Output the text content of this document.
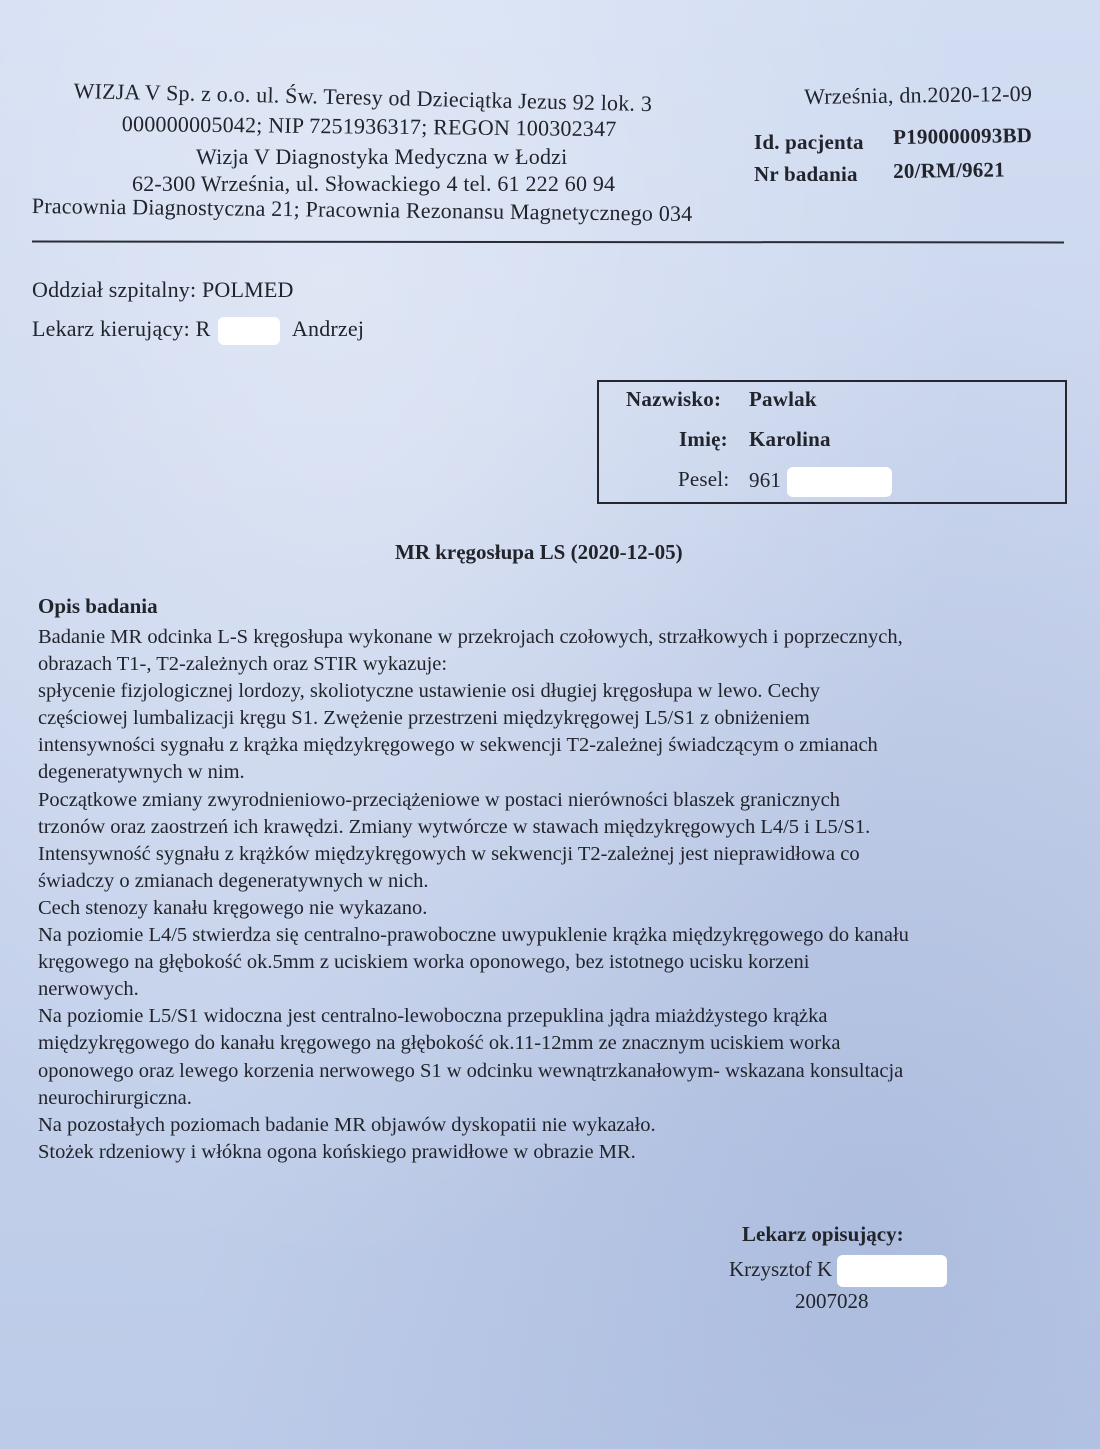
WIZJA V Sp. z o.o. ul. Św. Teresy od Dzieciątka Jezus 92 lok. 3
000000005042; NIP 7251936317; REGON 100302347
Wizja V Diagnostyka Medyczna w Łodzi
62-300 Września, ul. Słowackiego 4 tel. 61 222 60 94
Pracownia Diagnostyczna 21; Pracownia Rezonansu Magnetycznego 034
Września, dn.2020-12-09
Id. pacjenta P190000093BD
Nr badania 20/RM/9621
Oddział szpitalny: POLMED
Lekarz kierujący: R	Andrzej
Nazwisko: Pawlak
Imię: Karolina
Pesel: 961
MR kręgosłupa LS (2020-12-05)
Opis badania
Badanie MR odcinka L-S kręgosłupa wykonane w przekrojach czołowych, strzałkowych i poprzecznych,
obrazach T1-, T2-zależnych oraz STIR wykazuje:
spłycenie fizjologicznej lordozy, skoliotyczne ustawienie osi długiej kręgosłupa w lewo. Cechy
częściowej lumbalizacji kręgu S1. Zwężenie przestrzeni międzykręgowej L5/S1 z obniżeniem
intensywności sygnału z krążka międzykręgowego w sekwencji T2-zależnej świadczącym o zmianach
degeneratywnych w nim.
Początkowe zmiany zwyrodnieniowo-przeciążeniowe w postaci nierówności blaszek granicznych
trzonów oraz zaostrzeń ich krawędzi. Zmiany wytwórcze w stawach międzykręgowych L4/5 i L5/S1.
Intensywność sygnału z krążków międzykręgowych w sekwencji T2-zależnej jest nieprawidłowa co
świadczy o zmianach degeneratywnych w nich.
Cech stenozy kanału kręgowego nie wykazano.
Na poziomie L4/5 stwierdza się centralno-prawoboczne uwypuklenie krążka międzykręgowego do kanału
kręgowego na głębokość ok.5mm z uciskiem worka oponowego, bez istotnego ucisku korzeni
nerwowych.
Na poziomie L5/S1 widoczna jest centralno-lewoboczna przepuklina jądra miażdżystego krążka
międzykręgowego do kanału kręgowego na głębokość ok.11-12mm ze znacznym uciskiem worka
oponowego oraz lewego korzenia nerwowego S1 w odcinku wewnątrzkanałowym- wskazana konsultacja
neurochirurgiczna.
Na pozostałych poziomach badanie MR objawów dyskopatii nie wykazało.
Stożek rdzeniowy i włókna ogona końskiego prawidłowe w obrazie MR.
Lekarz opisujący:
Krzysztof K
2007028
